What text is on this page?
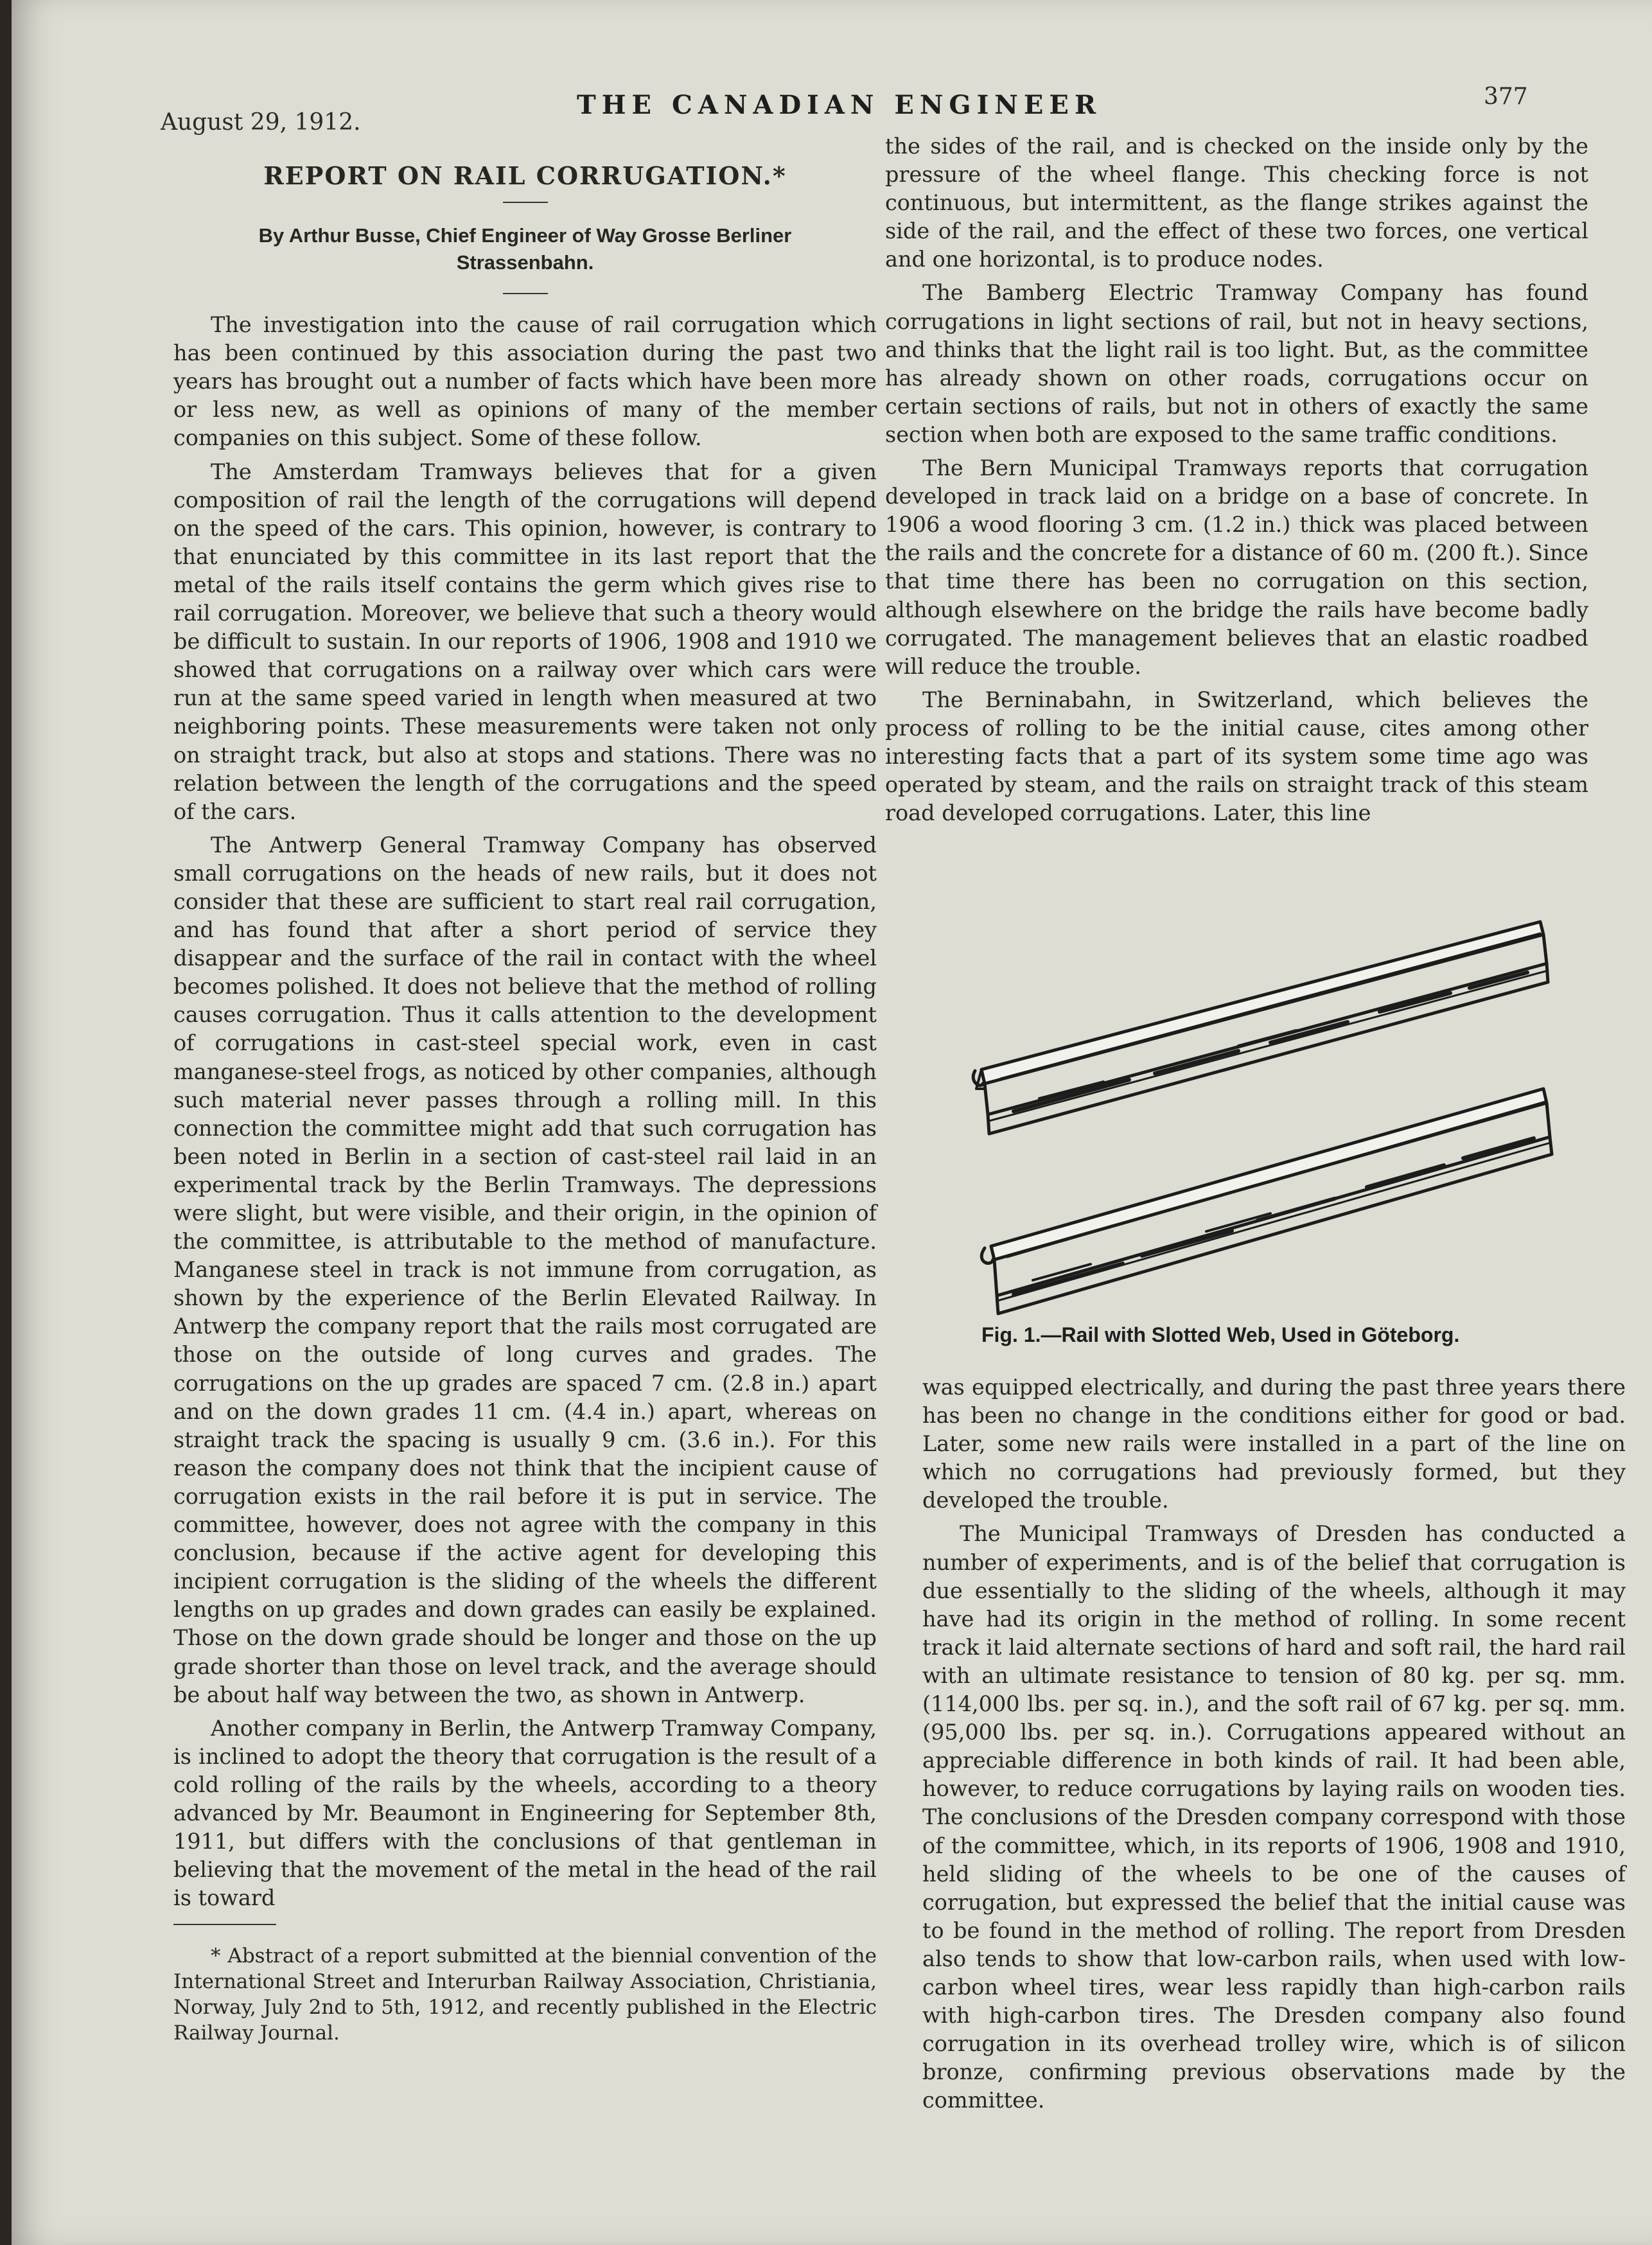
August 29, 1912.
THE CANADIAN ENGINEER	377
REPORT ON RAIL CORRUGATION.*
By Arthur Busse, Chief Engineer of Way Grosse Berliner Strassenbahn.

The investigation into the cause of rail corrugation which has been continued by this association during the past two years has brought out a number of facts which have been more or less new, as well as opinions of many of the member companies on this subject. Some of these follow.

The Amsterdam Tramways believes that for a given composition of rail the length of the corrugations will depend on the speed of the cars. This opinion, however, is contrary to that enunciated by this committee in its last report that the metal of the rails itself contains the germ which gives rise to rail corrugation. Moreover, we believe that such a theory would be difficult to sustain. In our reports of 1906, 1908 and 1910 we showed that corrugations on a railway over which cars were run at the same speed varied in length when measured at two neighboring points. These measurements were taken not only on straight track, but also at stops and stations. There was no relation between the length of the corrugations and the speed of the cars.

The Antwerp General Tramway Company has observed small corrugations on the heads of new rails, but it does not consider that these are sufficient to start real rail corrugation, and has found that after a short period of service they disappear and the surface of the rail in contact with the wheel becomes polished. It does not believe that the method of rolling causes corrugation. Thus it calls attention to the development of corrugations in cast-steel special work, even in cast manganese-steel frogs, as noticed by other companies, although such material never passes through a rolling mill. In this connection the committee might add that such corrugation has been noted in Berlin in a section of cast-steel rail laid in an experimental track by the Berlin Tramways. The depressions were slight, but were visible, and their origin, in the opinion of the committee, is attributable to the method of manufacture. Manganese steel in track is not immune from corrugation, as shown by the experience of the Berlin Elevated Railway. In Antwerp the company report that the rails most corrugated are those on the outside of long curves and grades. The corrugations on the up grades are spaced 7 cm. (2.8 in.) apart and on the down grades 11 cm. (4.4 in.) apart, whereas on straight track the spacing is usually 9 cm. (3.6 in.). For this reason the company does not think that the incipient cause of corrugation exists in the rail before it is put in service. The committee, however, does not agree with the company in this conclusion, because if the active agent for developing this incipient corrugation is the sliding of the wheels the different lengths on up grades and down grades can easily be explained. Those on the down grade should be longer and those on the up grade shorter than those on level track, and the average should be about half way between the two, as shown in Antwerp.

Another company in Berlin, the Antwerp Tramway Company, is inclined to adopt the theory that corrugation is the result of a cold rolling of the rails by the wheels, according to a theory advanced by Mr. Beaumont in Engineering for September 8th, 1911, but differs with the conclusions of that gentleman in believing that the movement of the metal in the head of the rail is toward

* Abstract of a report submitted at the biennial convention of the International Street and Interurban Railway Association, Christiania, Norway, July 2nd to 5th, 1912, and recently published in the Electric Railway Journal.

the sides of the rail, and is checked on the inside only by the pressure of the wheel flange. This checking force is not continuous, but intermittent, as the flange strikes against the side of the rail, and the effect of these two forces, one vertical and one horizontal, is to produce nodes.

The Bamberg Electric Tramway Company has found corrugations in light sections of rail, but not in heavy sections, and thinks that the light rail is too light. But, as the committee has already shown on other roads, corrugations occur on certain sections of rails, but not in others of exactly the same section when both are exposed to the same traffic conditions.

The Bern Municipal Tramways reports that corrugation developed in track laid on a bridge on a base of concrete. In 1906 a wood flooring 3 cm. (1.2 in.) thick was placed between the rails and the concrete for a distance of 60 m. (200 ft.). Since that time there has been no corrugation on this section, although elsewhere on the bridge the rails have become badly corrugated. The management believes that an elastic roadbed will reduce the trouble.

The Berninabahn, in Switzerland, which believes the process of rolling to be the initial cause, cites among other interesting facts that a part of its system some time ago was operated by steam, and the rails on straight track of this steam road developed corrugations. Later, this line

Fig. 1.—Rail with Slotted Web, Used in Göteborg.

was equipped electrically, and during the past three years there has been no change in the conditions either for good or bad. Later, some new rails were installed in a part of the line on which no corrugations had previously formed, but they developed the trouble.

The Municipal Tramways of Dresden has conducted a number of experiments, and is of the belief that corrugation is due essentially to the sliding of the wheels, although it may have had its origin in the method of rolling. In some recent track it laid alternate sections of hard and soft rail, the hard rail with an ultimate resistance to tension of 80 kg. per sq. mm. (114,000 lbs. per sq. in.), and the soft rail of 67 kg. per sq. mm. (95,000 lbs. per sq. in.). Corrugations appeared without an appreciable difference in both kinds of rail. It had been able, however, to reduce corrugations by laying rails on wooden ties. The conclusions of the Dresden company correspond with those of the committee, which, in its reports of 1906, 1908 and 1910, held sliding of the wheels to be one of the causes of corrugation, but expressed the belief that the initial cause was to be found in the method of rolling. The report from Dresden also tends to show that low-carbon rails, when used with low-carbon wheel tires, wear less rapidly than high-carbon rails with high-carbon tires. The Dresden company also found corrugation in its overhead trolley wire, which is of silicon bronze, confirming previous observations made by the committee.
